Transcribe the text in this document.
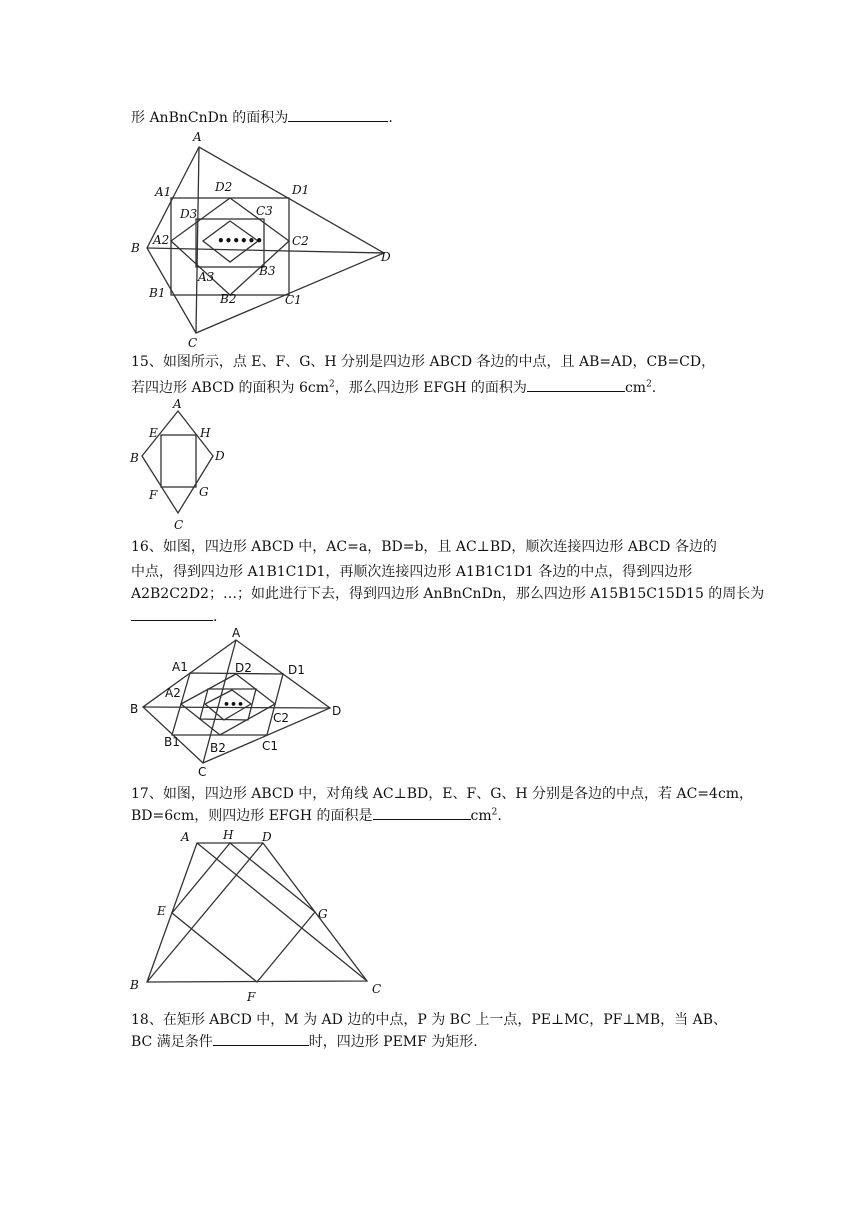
形 AnBnCnDn 的面积为	.
••••••
A
A1	D2	D1
D3	C3
B
A2	C2
D
A3	B3
B1	B2	C1
C
15、如图所示，点 E、F、G、H 分别是四边形 ABCD 各边的中点，且 AB=AD，CB=CD，
若四边形 ABCD 的面积为 $6cm^2$，那么四边形 EFGH 的面积为	$cm^2$.
A
E	H
B	D
F	G
C
16、如图，四边形 ABCD 中，AC=a，BD=b，且 AC⊥BD，顺次连接四边形 ABCD 各边的
中点，得到四边形 A1B1C1D1，再顺次连接四边形 A1B1C1D1 各边的中点，得到四边形
A2B2C2D2；…；如此进行下去，得到四边形 AnBnCnDn，那么四边形 A15B15C15D15 的周长为
.
•••
A
A1	D2	D1
A2
B
C2	D
B1	B2	C1
C
17、如图，四边形 ABCD 中，对角线 AC⊥BD，E、F、G、H 分别是各边的中点，若 AC=4cm，
BD=6cm，则四边形 EFGH 的面积是	$cm^2$.
A	H D
E	G
B
F
C
18、在矩形 ABCD 中，M 为 AD 边的中点，P 为 BC 上一点，PE⊥MC，PF⊥MB，当 AB、
BC 满足条件	时，四边形 PEMF 为矩形.
